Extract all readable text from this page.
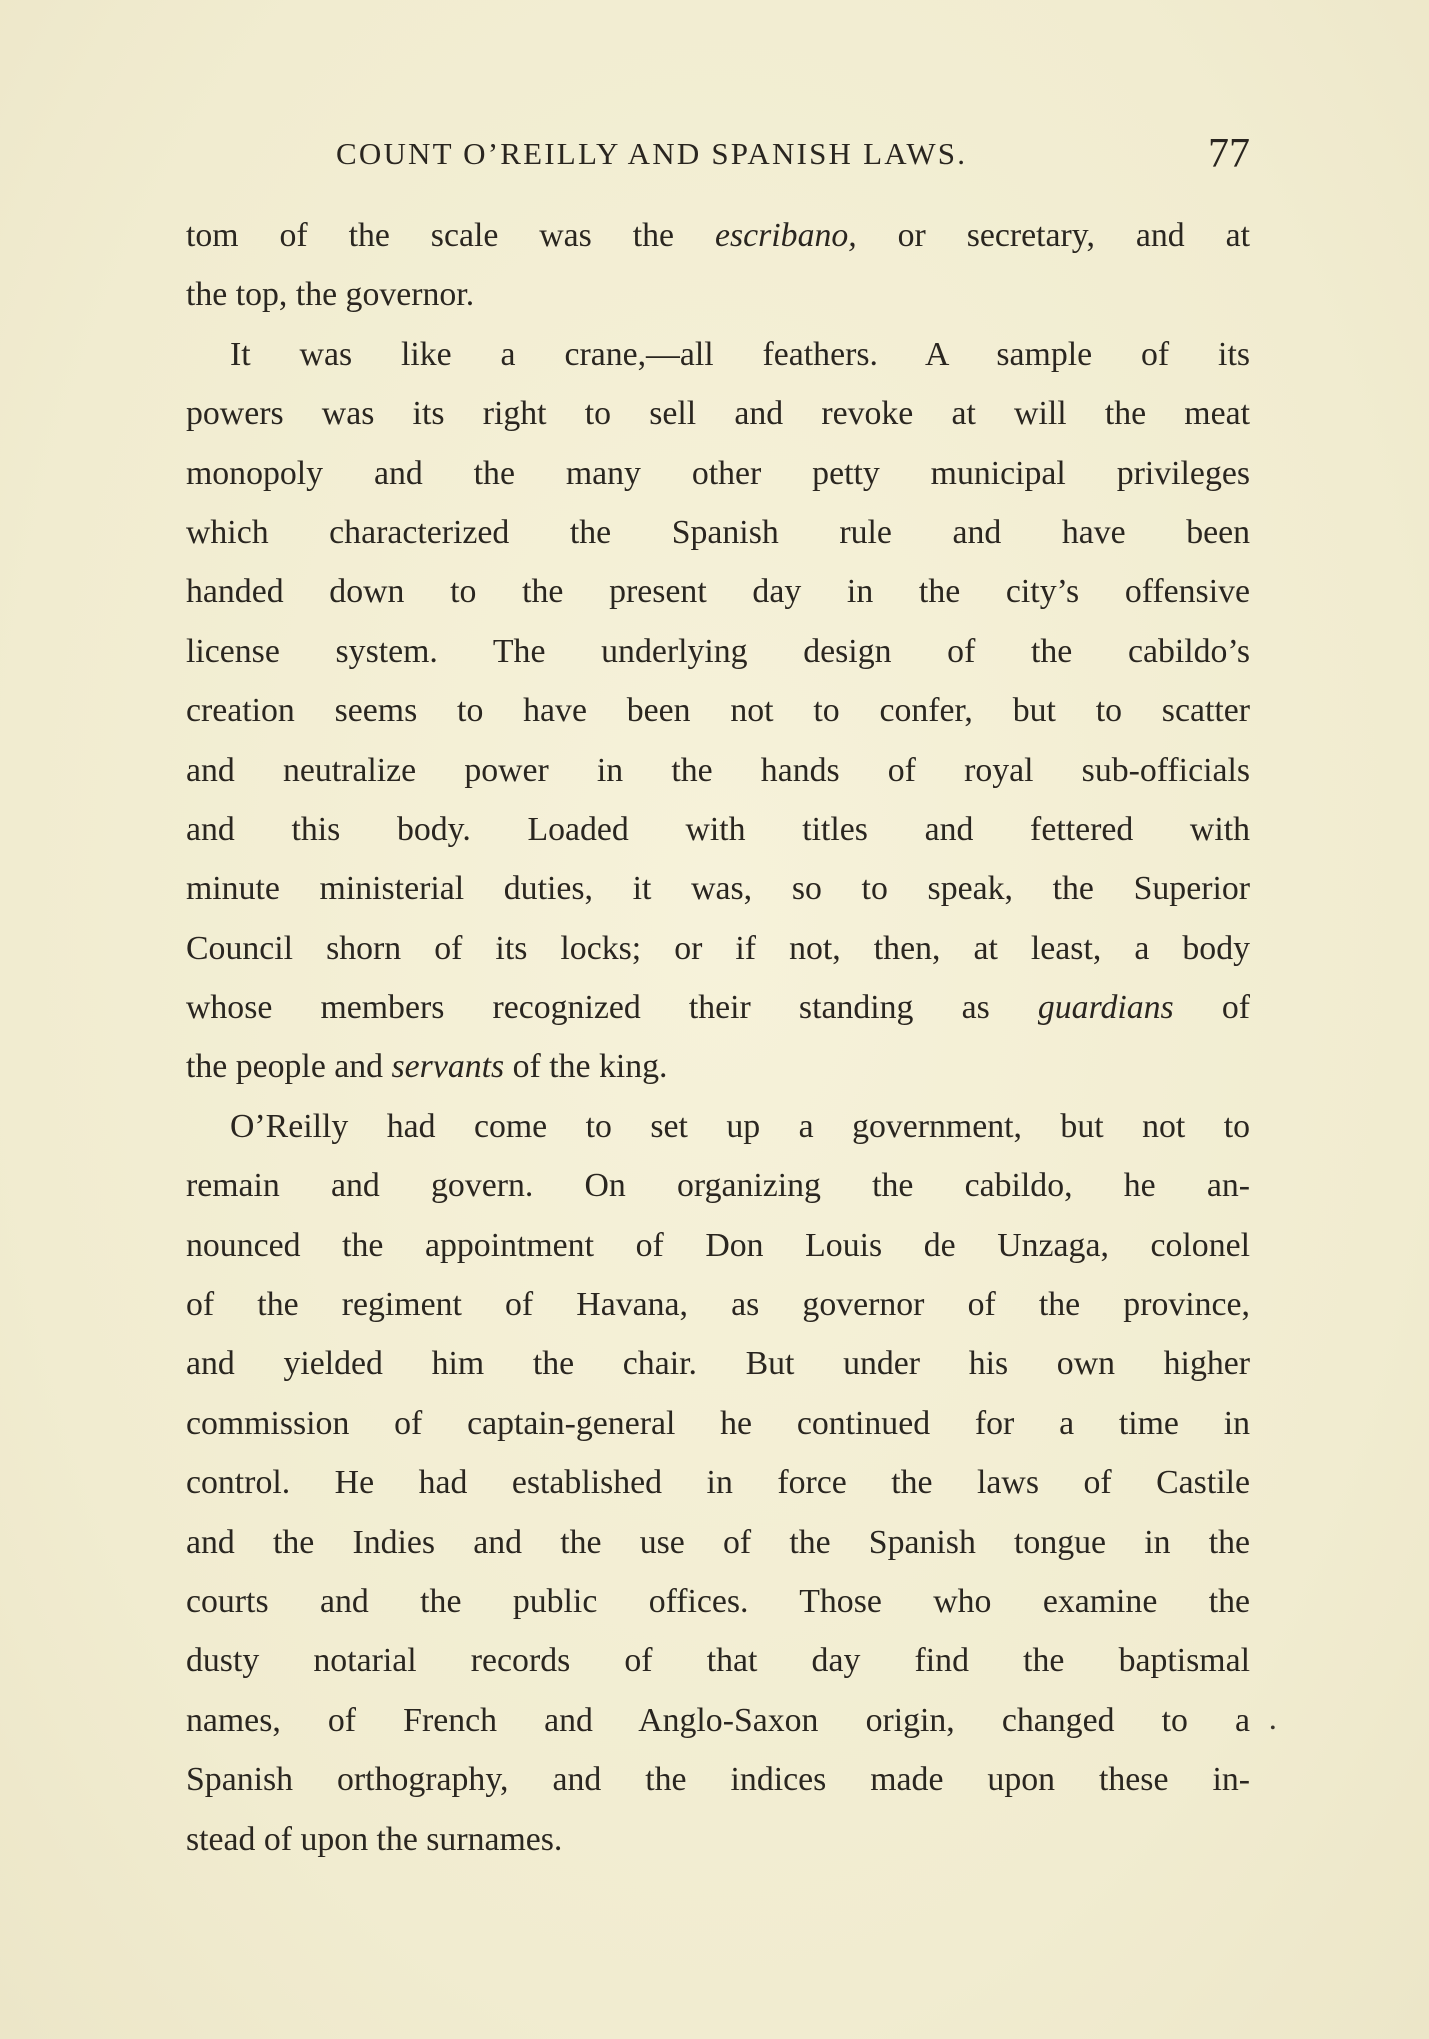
COUNT O’REILLY AND SPANISH LAWS.	77
tom of the scale was the escribano, or secretary, and at
the top, the governor.
It was like a crane,—all feathers. A sample of its
powers was its right to sell and revoke at will the meat
monopoly and the many other petty municipal privileges
which characterized the Spanish rule and have been
handed down to the present day in the city’s offensive
license system. The underlying design of the cabildo’s
creation seems to have been not to confer, but to scatter
and neutralize power in the hands of royal sub-officials
and this body. Loaded with titles and fettered with
minute ministerial duties, it was, so to speak, the Superior
Council shorn of its locks; or if not, then, at least, a body
whose members recognized their standing as guardians of
the people and servants of the king.
O’Reilly had come to set up a government, but not to
remain and govern. On organizing the cabildo, he an-
nounced the appointment of Don Louis de Unzaga, colonel
of the regiment of Havana, as governor of the province,
and yielded him the chair. But under his own higher
commission of captain-general he continued for a time in
control. He had established in force the laws of Castile
and the Indies and the use of the Spanish tongue in the
courts and the public offices. Those who examine the
dusty notarial records of that day find the baptismal
names, of French and Anglo-Saxon origin, changed to a
Spanish orthography, and the indices made upon these in-
stead of upon the surnames.
•
